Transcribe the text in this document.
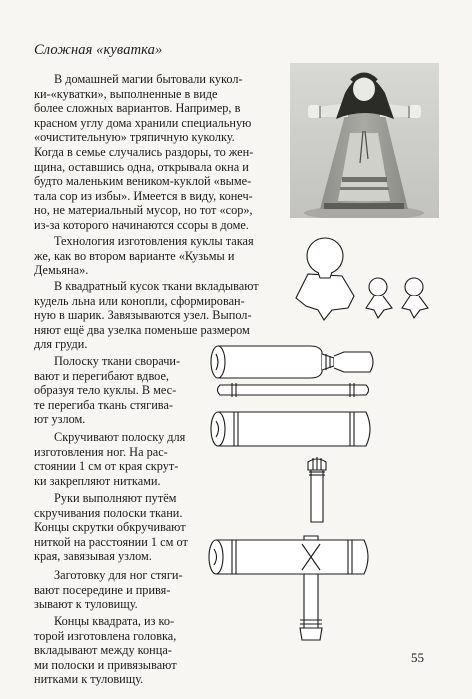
Сложная «куватка»
В домашней магии бытовали кукол-
ки-«куватки», выполненные в виде
более сложных вариантов. Например, в
красном углу дома хранили специальную
«очистительную» тряпичную куколку.
Когда в семье случались раздоры, то жен-
щина, оставшись одна, открывала окна и
будто маленьким веником-куклой «выме-
тала сор из избы». Имеется в виду, конеч-
но, не материальный мусор, но тот «сор»,
из-за которого начинаются ссоры в доме.
Технология изготовления куклы такая
же, как во втором варианте «Кузьмы и
Демьяна».
В квадратный кусок ткани вкладывают
кудель льна или конопли, сформирован-
ную в шарик. Завязываются узел. Выпол-
няют ещё два узелка поменьше размером
для груди.
Полоску ткани сворачи-
вают и перегибают вдвое,
образуя тело куклы. В мес-
те перегиба ткань стягива-
ют узлом.
Скручивают полоску для
изготовления ног. На рас-
стоянии 1 см от края скрут-
ки закрепляют нитками.
Руки выполняют путём
скручивания полоски ткани.
Концы скрутки обкручивают
ниткой на расстоянии 1 см от
края, завязывая узлом.
Заготовку для ног стяги-
вают посередине и привя-
зывают к туловищу.
Концы квадрата, из ко-
торой изготовлена головка,
вкладывают между конца-
ми полоски и привязывают
нитками к туловищу.
55
